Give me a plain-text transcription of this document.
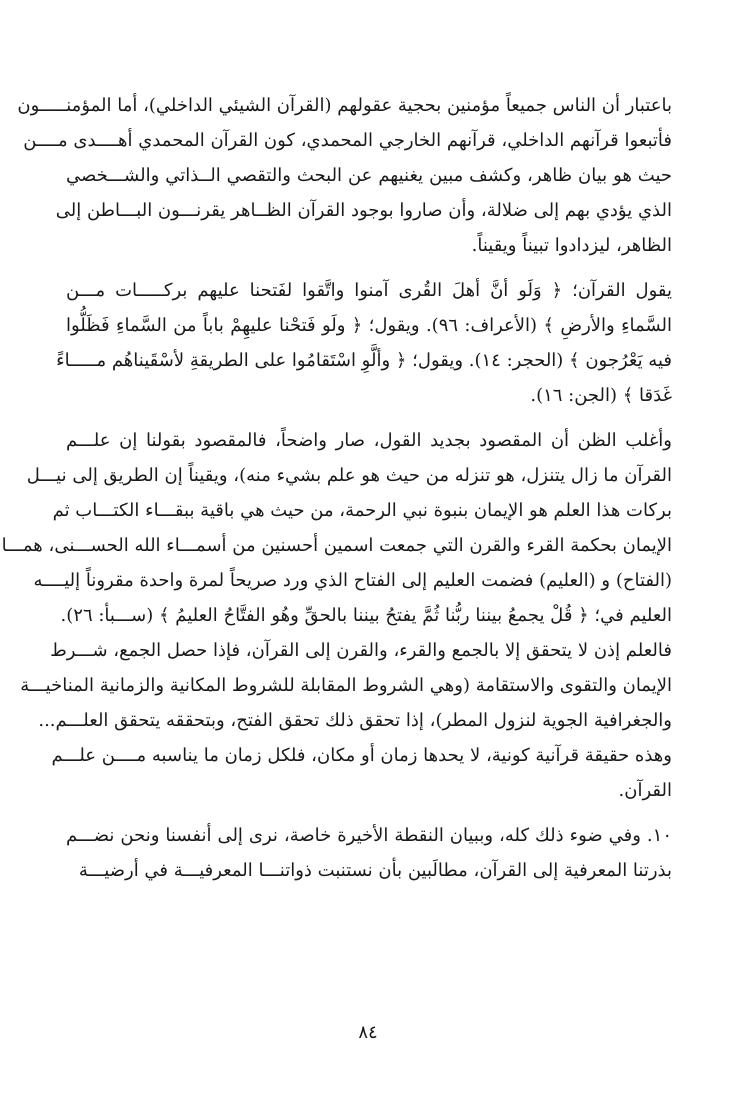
باعتبار أن الناس جميعاً مؤمنين بحجية عقولهم (القرآن الشيئي الداخلي)، أما المؤمنـــــون
فأتبعوا قرآنهم الداخلي، قرآنهم الخارجي المحمدي، كون القرآن المحمدي أهــــدى مــــن
حيث هو بيان ظاهر، وكشف مبين يغنيهم عن البحث والتقصي الــذاتي والشـــخصي
الذي يؤدي بهم إلى ضلالة، وأن صاروا بوجود القرآن الظــاهر يقرنـــون البـــاطن إلى
الظاهر، ليزدادوا تبيناً ويقيناً.
يقول القرآن؛ ﴿ وَلَو أنَّ أهلَ القُرى آمنوا واتَّقوا لفَتحنا عليهم بركـــــات مـــن
السَّماءِ والأرضِ ﴾ (الأعراف: ٩٦). ويقول؛ ﴿ ولَو فَتحْنا عليهِمْ باباً من السَّماءِ فَظَلُّوا
فيه يَعْرُجون ﴾ (الحجر: ١٤). ويقول؛ ﴿ وألَّوِ اسْتَقامُوا على الطريقةِ لأسْقَيناهُم مـــــاءً
غَدَقا ﴾ (الجن: ١٦).
وأغلب الظن أن المقصود بجديد القول، صار واضحاً، فالمقصود بقولنا إن علـــم
القرآن ما زال يتنزل، هو تنزله من حيث هو علم بشيء منه)، ويقيناً إن الطريق إلى نيـــل
بركات هذا العلم هو الإيمان بنبوة نبي الرحمة، من حيث هي باقية ببقـــاء الكتـــاب ثم
الإيمان بحكمة القرء والقرن التي جمعت اسمين أحسنين من أسمـــاء الله الحســـنى، همـــا
(الفتاح) و (العليم) فضمت العليم إلى الفتاح الذي ورد صريحاً لمرة واحدة مقروناً إليــــه
العليم في؛ ﴿ قُلْ يجمعُ بيننا ربُّنا ثُمَّ يفتحُ بيننا بالحقِّ وهُو الفتَّاحُ العليمُ ﴾ (ســـبأ: ٢٦).
فالعلم إذن لا يتحقق إلا بالجمع والقرء، والقرن إلى القرآن، فإذا حصل الجمع، شـــرط
الإيمان والتقوى والاستقامة (وهي الشروط المقابلة للشروط المكانية والزمانية المناخيـــة
والجغرافية الجوية لنزول المطر)، إذا تحقق ذلك تحقق الفتح، وبتحققه يتحقق العلـــم...
وهذه حقيقة قرآنية كونية، لا يحدها زمان أو مكان، فلكل زمان ما يناسبه مــــن علـــم
القرآن.
١٠. وفي ضوء ذلك كله، وببيان النقطة الأخيرة خاصة، نرى إلى أنفسنا ونحن نضـــم
بذرتنا المعرفية إلى القرآن، مطالَبين بأن نستنبت ذواتنـــا المعرفيـــة في أرضيـــة
٨٤
